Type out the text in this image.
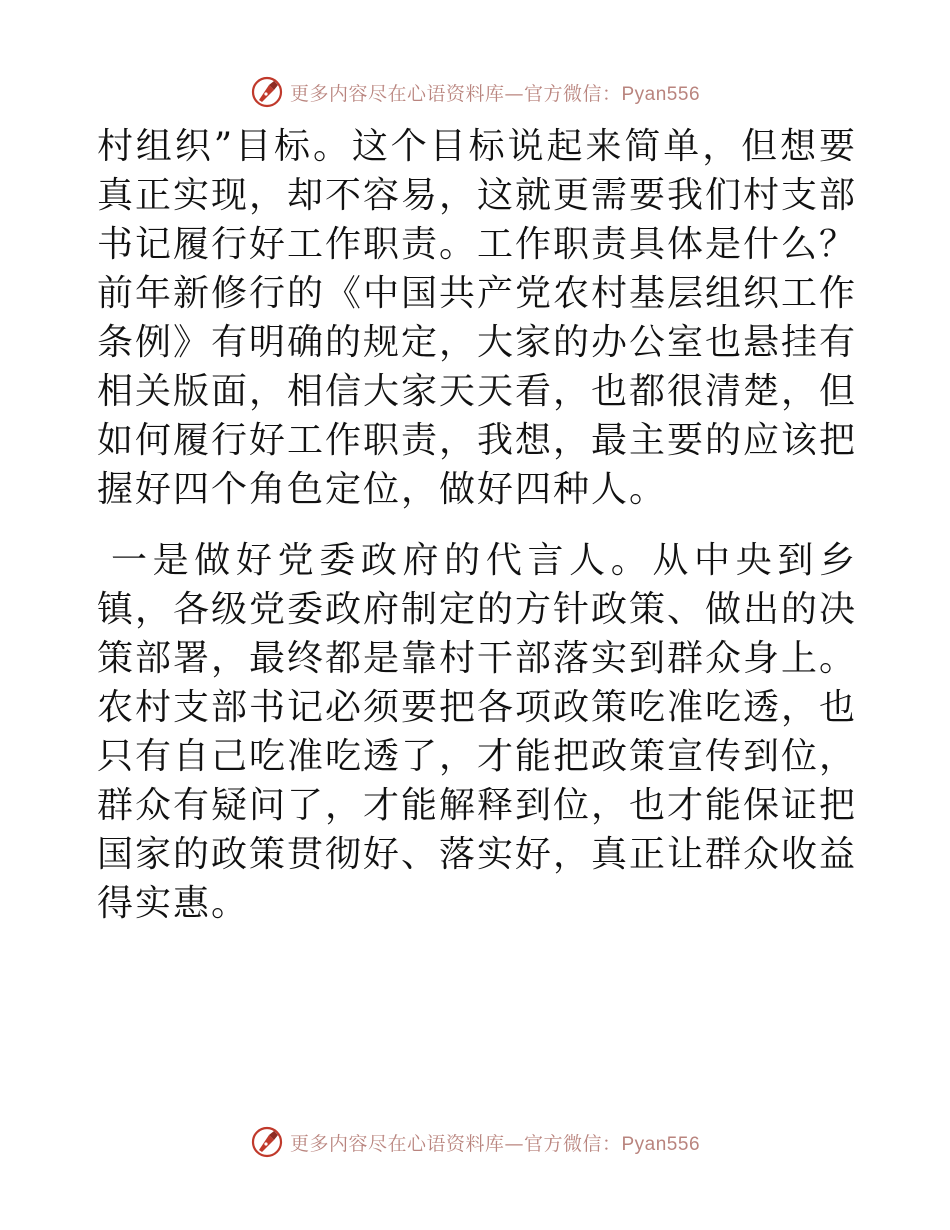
更多内容尽在心语资料库—官方微信：Pyan556

村组织”目标。这个目标说起来简单，但想要真正实现，却不容易，这就更需要我们村支部书记履行好工作职责。工作职责具体是什么？前年新修行的《中国共产党农村基层组织工作条例》有明确的规定，大家的办公室也悬挂有相关版面，相信大家天天看，也都很清楚，但如何履行好工作职责，我想，最主要的应该把握好四个角色定位，做好四种人。

一是做好党委政府的代言人。从中央到乡镇，各级党委政府制定的方针政策、做出的决策部署，最终都是靠村干部落实到群众身上。农村支部书记必须要把各项政策吃准吃透，也只有自己吃准吃透了，才能把政策宣传到位，群众有疑问了，才能解释到位，也才能保证把国家的政策贯彻好、落实好，真正让群众收益得实惠。

更多内容尽在心语资料库—官方微信：Pyan556
